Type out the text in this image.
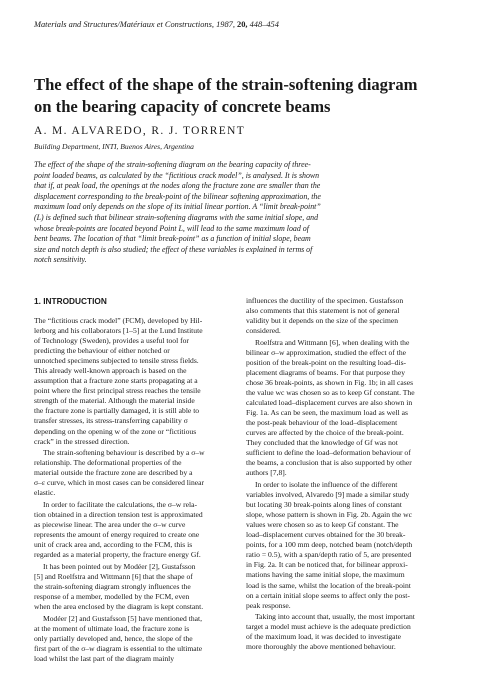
Materials and Structures/Matériaux et Constructions, 1987, 20, 448–454
The effect of the shape of the strain-softening diagram
on the bearing capacity of concrete beams
A. M. ALVAREDO, R. J. TORRENT
Building Department, INTI, Buenos Aires, Argentina
The effect of the shape of the strain-softening diagram on the bearing capacity of three-
point loaded beams, as calculated by the “fictitious crack model”, is analysed. It is shown
that if, at peak load, the openings at the nodes along the fracture zone are smaller than the
displacement corresponding to the break-point of the bilinear softening approximation, the
maximum load only depends on the slope of its initial linear portion. A “limit break-point”
(L) is defined such that bilinear strain-softening diagrams with the same initial slope, and
whose break-points are located beyond Point L, will lead to the same maximum load of
bent beams. The location of that “limit break-point” as a function of initial slope, beam
size and notch depth is also studied; the effect of these variables is explained in terms of
notch sensitivity.
1. INTRODUCTION
The “fictitious crack model” (FCM), developed by Hil-
lerborg and his collaborators [1–5] at the Lund Institute
of Technology (Sweden), provides a useful tool for
predicting the behaviour of either notched or
unnotched specimens subjected to tensile stress fields.
This already well-known approach is based on the
assumption that a fracture zone starts propagating at a
point where the first principal stress reaches the tensile
strength of the material. Although the material inside
the fracture zone is partially damaged, it is still able to
transfer stresses, its stress-transferring capability σ
depending on the opening w of the zone or “fictitious
crack” in the stressed direction.
The strain-softening behaviour is described by a σ–w
relationship. The deformational properties of the
material outside the fracture zone are described by a
σ–ε curve, which in most cases can be considered linear
elastic.
In order to facilitate the calculations, the σ–w rela-
tion obtained in a direction tension test is approximated
as piecewise linear. The area under the σ–w curve
represents the amount of energy required to create one
unit of crack area and, according to the FCM, this is
regarded as a material property, the fracture energy Gf.
It has been pointed out by Modéer [2], Gustafsson
[5] and Roelfstra and Wittmann [6] that the shape of
the strain-softening diagram strongly influences the
response of a member, modelled by the FCM, even
when the area enclosed by the diagram is kept constant.
Modéer [2] and Gustafsson [5] have mentioned that,
at the moment of ultimate load, the fracture zone is
only partially developed and, hence, the slope of the
first part of the σ–w diagram is essential to the ultimate
load whilst the last part of the diagram mainly
influences the ductility of the specimen. Gustafsson
also comments that this statement is not of general
validity but it depends on the size of the specimen
considered.
Roelfstra and Wittmann [6], when dealing with the
bilinear σ–w approximation, studied the effect of the
position of the break-point on the resulting load–dis-
placement diagrams of beams. For that purpose they
chose 36 break-points, as shown in Fig. 1b; in all cases
the value wc was chosen so as to keep Gf constant. The
calculated load–displacement curves are also shown in
Fig. 1a. As can be seen, the maximum load as well as
the post-peak behaviour of the load–displacement
curves are affected by the choice of the break-point.
They concluded that the knowledge of Gf was not
sufficient to define the load–deformation behaviour of
the beams, a conclusion that is also supported by other
authors [7,8].
In order to isolate the influence of the different
variables involved, Alvaredo [9] made a similar study
but locating 30 break-points along lines of constant
slope, whose pattern is shown in Fig. 2b. Again the wc
values were chosen so as to keep Gf constant. The
load–displacement curves obtained for the 30 break-
points, for a 100 mm deep, notched beam (notch/depth
ratio = 0.5), with a span/depth ratio of 5, are presented
in Fig. 2a. It can be noticed that, for bilinear approxi-
mations having the same initial slope, the maximum
load is the same, whilst the location of the break-point
on a certain initial slope seems to affect only the post-
peak response.
Taking into account that, usually, the most important
target a model must achieve is the adequate prediction
of the maximum load, it was decided to investigate
more thoroughly the above mentioned behaviour.
